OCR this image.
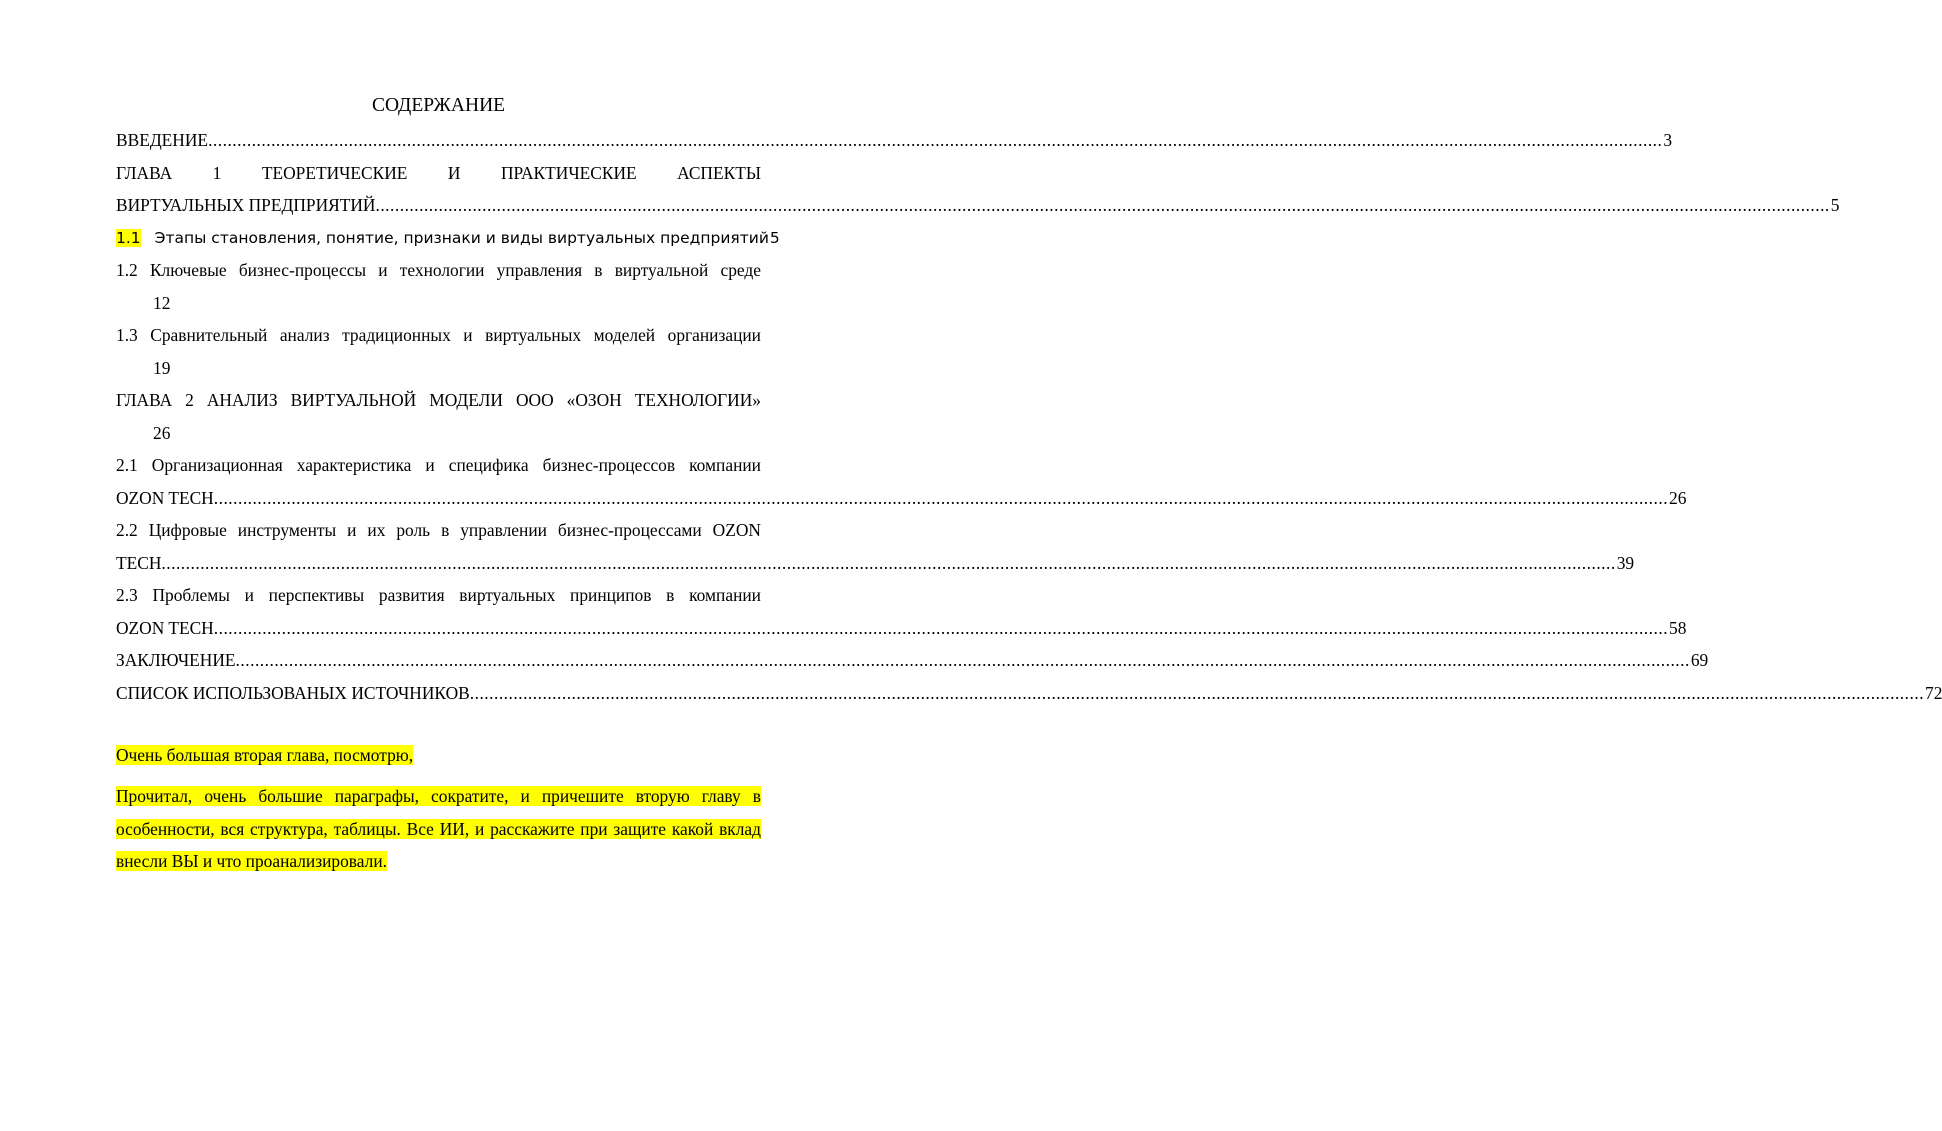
СОДЕРЖАНИЕ
ВВЕДЕНИЕ .....	3
ГЛАВА 1 ТЕОРЕТИЧЕСКИЕ И ПРАКТИЧЕСКИЕ АСПЕКТЫ
ВИРТУАЛЬНЫХ ПРЕДПРИЯТИЙ .....	5
1.1 Этапы становления, понятие, признаки и виды виртуальных предприятий 5
1.2 Ключевые бизнес-процессы и технологии управления в виртуальной среде
12
1.3 Сравнительный анализ традиционных и виртуальных моделей организации
19
ГЛАВА 2 АНАЛИЗ ВИРТУАЛЬНОЙ МОДЕЛИ ООО «ОЗОН ТЕХНОЛОГИИ»
26
2.1 Организационная характеристика и специфика бизнес-процессов компании
OZON TECH .....	26
2.2 Цифровые инструменты и их роль в управлении бизнес-процессами OZON
TECH .....	39
2.3 Проблемы и перспективы развития виртуальных принципов в компании
OZON TECH .....	58
ЗАКЛЮЧЕНИЕ .....	69
СПИСОК ИСПОЛЬЗОВАНЫХ ИСТОЧНИКОВ .....	72
Очень большая вторая глава, посмотрю,
Прочитал, очень большие параграфы, сократите, и причешите вторую главу в особенности, вся структура, таблицы. Все ИИ, и расскажите при защите какой вклад внесли ВЫ и что проанализировали.
